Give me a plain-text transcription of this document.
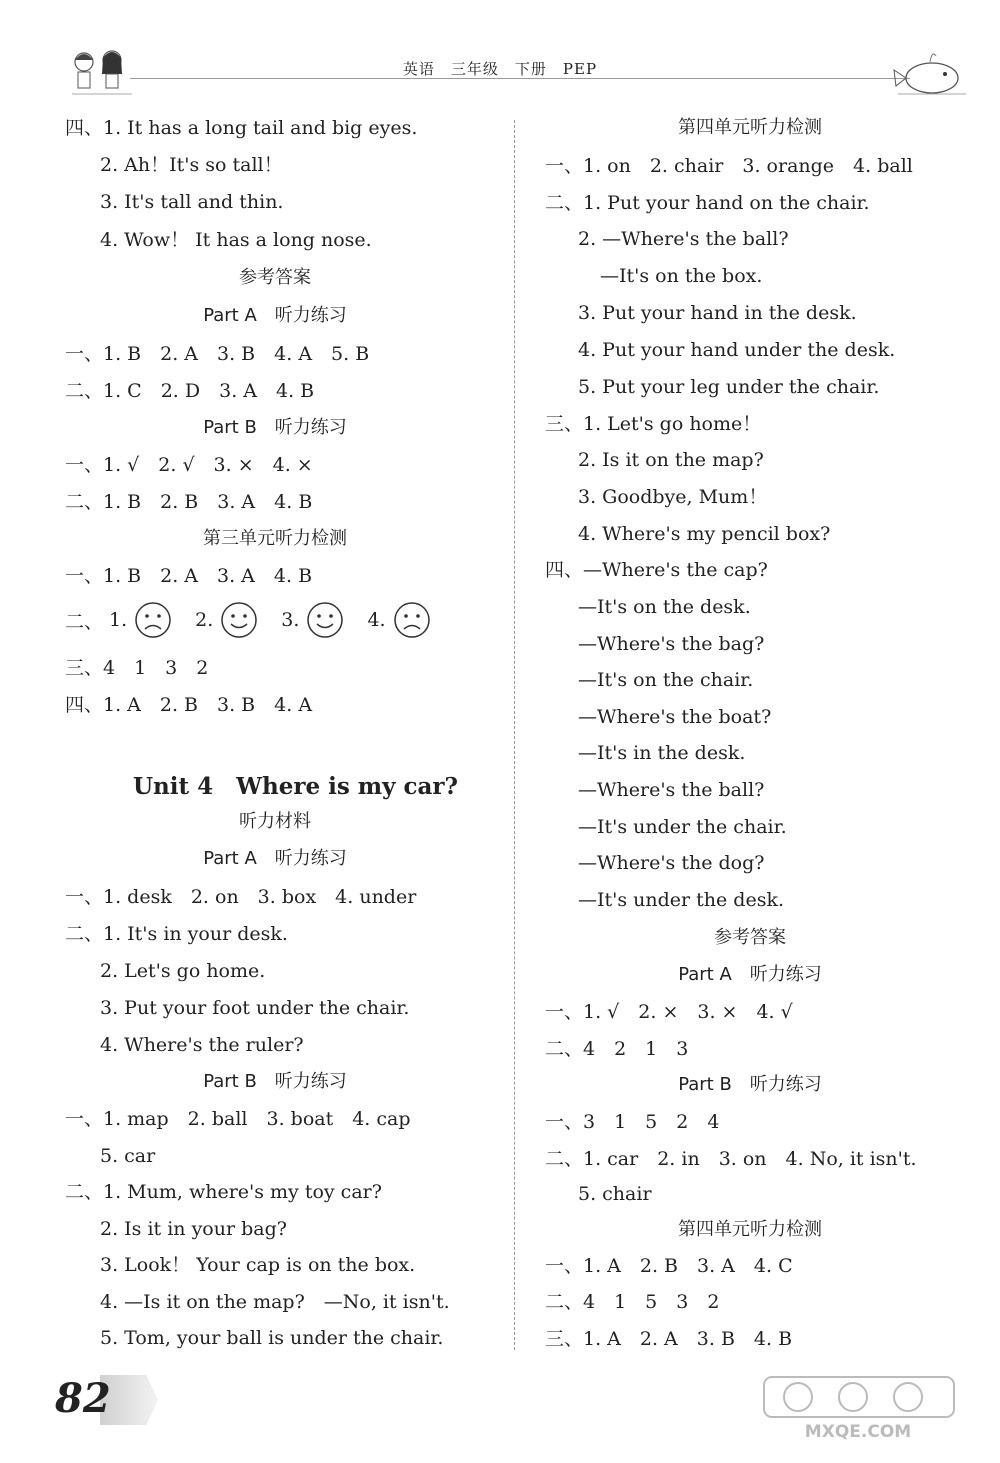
英语　三年级　下册　PEP
四、1. It has a long tail and big eyes.
2. Ah！It's so tall！
3. It's tall and thin.
4. Wow！ It has a long nose.
参考答案
Part A　听力练习
一、1. B　2. A　3. B　4. A　5. B
二、1. C　2. D　3. A　4. B
Part B　听力练习
一、1. √　2. √　3. ×　4. ×
二、1. B　2. B　3. A　4. B
第三单元听力检测
一、1. B　2. A　3. A　4. B
二、 1.	2.	3.	4.
三、4　1　3　2
四、1. A　2. B　3. B　4. A
Unit 4　Where is my car?
听力材料
Part A　听力练习
一、1. desk　2. on　3. box　4. under
二、1. It's in your desk.
2. Let's go home.
3. Put your foot under the chair.
4. Where's the ruler?
Part B　听力练习
一、1. map　2. ball　3. boat　4. cap
5. car
二、1. Mum, where's my toy car?
2. Is it in your bag?
3. Look！ Your cap is on the box.
4. —Is it on the map?　—No, it isn't.
5. Tom, your ball is under the chair.
第四单元听力检测
一、1. on　2. chair　3. orange　4. ball
二、1. Put your hand on the chair.
2. —Where's the ball?
—It's on the box.
3. Put your hand in the desk.
4. Put your hand under the desk.
5. Put your leg under the chair.
三、1. Let's go home！
2. Is it on the map?
3. Goodbye, Mum！
4. Where's my pencil box?
四、—Where's the cap?
—It's on the desk.
—Where's the bag?
—It's on the chair.
—Where's the boat?
—It's in the desk.
—Where's the ball?
—It's under the chair.
—Where's the dog?
—It's under the desk.
参考答案
Part A　听力练习
一、1. √　2. ×　3. ×　4. √
二、4　2　1　3
Part B　听力练习
一、3　1　5　2　4
二、1. car　2. in　3. on　4. No, it isn't.
5. chair
第四单元听力检测
一、1. A　2. B　3. A　4. C
二、4　1　5　3　2
三、1. A　2. A　3. B　4. B
82
MXQE.COM
